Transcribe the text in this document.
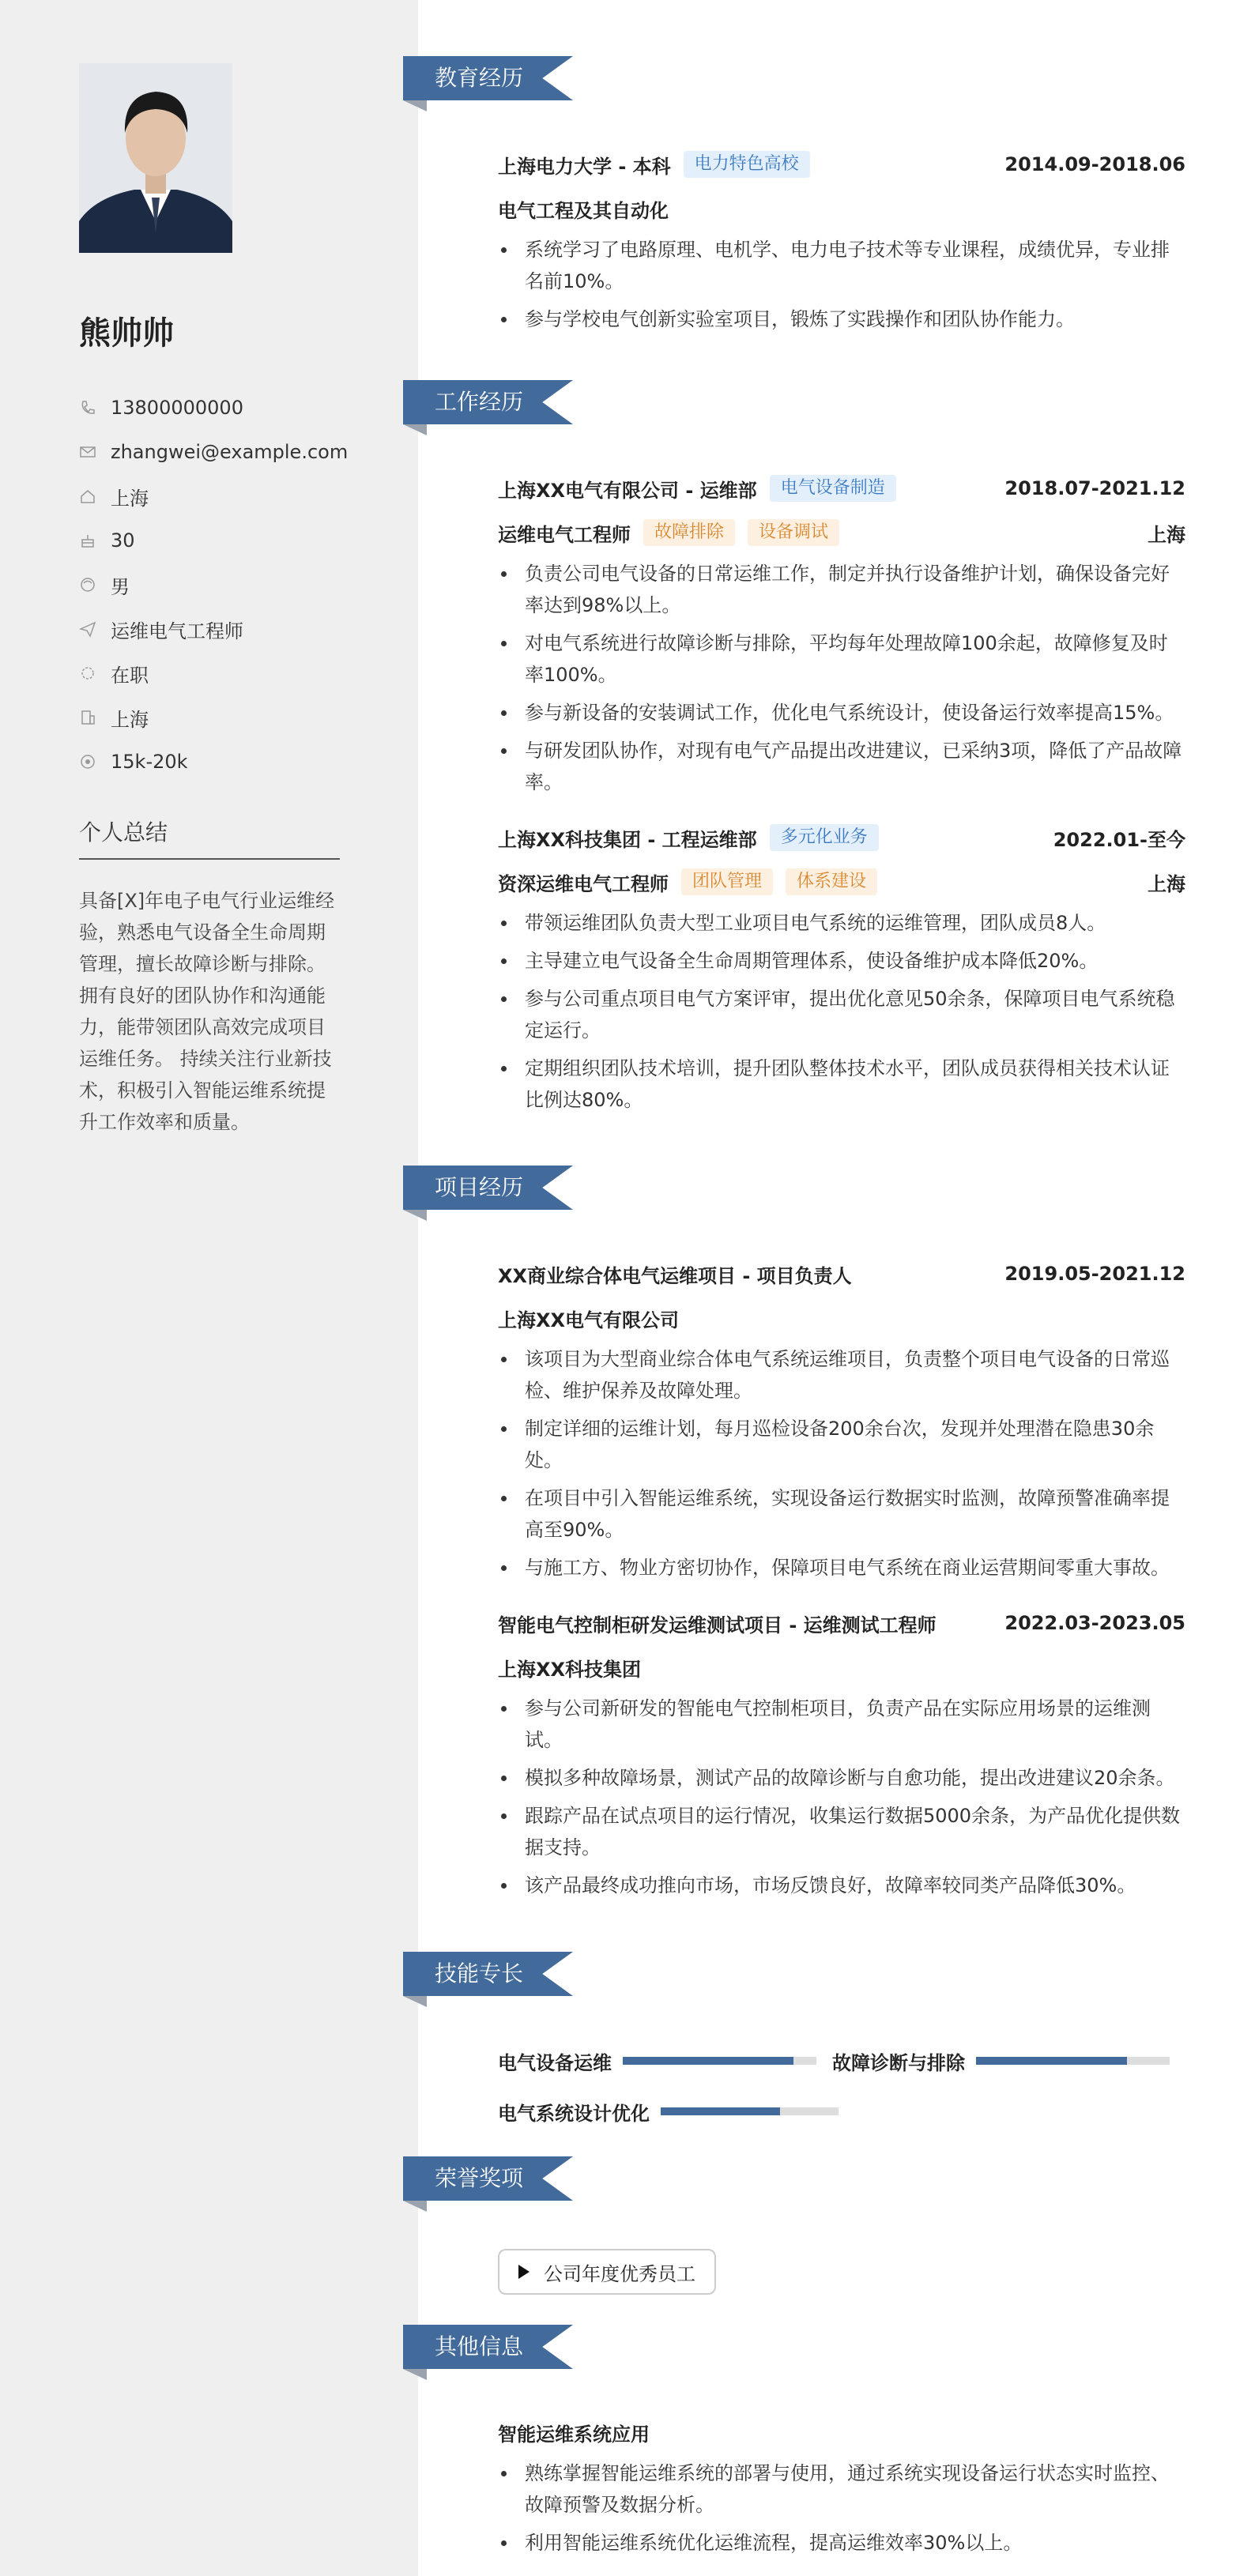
熊帅帅
13800000000
zhangwei@example.com
上海
30
男
运维电气工程师
在职
上海
15k-20k
个人总结
具备[X]年电子电气行业运维经验，熟悉电气设备全生命周期管理，擅长故障诊断与排除。拥有良好的团队协作和沟通能力，能带领团队高效完成项目运维任务。 持续关注行业新技术，积极引入智能运维系统提升工作效率和质量。
教育经历
上海电力大学 - 本科	电力特色高校	2014.09-2018.06
电气工程及其自动化
系统学习了电路原理、电机学、电力电子技术等专业课程，成绩优异，专业排名前10%。
参与学校电气创新实验室项目，锻炼了实践操作和团队协作能力。
工作经历
上海XX电气有限公司 - 运维部	电气设备制造	2018.07-2021.12
运维电气工程师	故障排除	设备调试	上海
负责公司电气设备的日常运维工作，制定并执行设备维护计划，确保设备完好率达到98%以上。
对电气系统进行故障诊断与排除，平均每年处理故障100余起，故障修复及时率100%。
参与新设备的安装调试工作，优化电气系统设计，使设备运行效率提高15%。
与研发团队协作，对现有电气产品提出改进建议，已采纳3项，降低了产品故障率。
上海XX科技集团 - 工程运维部	多元化业务	2022.01-至今
资深运维电气工程师	团队管理	体系建设	上海
带领运维团队负责大型工业项目电气系统的运维管理，团队成员8人。
主导建立电气设备全生命周期管理体系，使设备维护成本降低20%。
参与公司重点项目电气方案评审，提出优化意见50余条，保障项目电气系统稳定运行。
定期组织团队技术培训，提升团队整体技术水平，团队成员获得相关技术认证比例达80%。
项目经历
XX商业综合体电气运维项目 - 项目负责人	2019.05-2021.12
上海XX电气有限公司
该项目为大型商业综合体电气系统运维项目，负责整个项目电气设备的日常巡检、维护保养及故障处理。
制定详细的运维计划，每月巡检设备200余台次，发现并处理潜在隐患30余处。
在项目中引入智能运维系统，实现设备运行数据实时监测，故障预警准确率提高至90%。
与施工方、物业方密切协作，保障项目电气系统在商业运营期间零重大事故。
智能电气控制柜研发运维测试项目 - 运维测试工程师	2022.03-2023.05
上海XX科技集团
参与公司新研发的智能电气控制柜项目，负责产品在实际应用场景的运维测试。
模拟多种故障场景，测试产品的故障诊断与自愈功能，提出改进建议20余条。
跟踪产品在试点项目的运行情况，收集运行数据5000余条，为产品优化提供数据支持。
该产品最终成功推向市场，市场反馈良好，故障率较同类产品降低30%。
技能专长
电气设备运维	故障诊断与排除
电气系统设计优化
荣誉奖项
公司年度优秀员工
其他信息
智能运维系统应用
熟练掌握智能运维系统的部署与使用，通过系统实现设备运行状态实时监控、故障预警及数据分析。
利用智能运维系统优化运维流程，提高运维效率30%以上。
